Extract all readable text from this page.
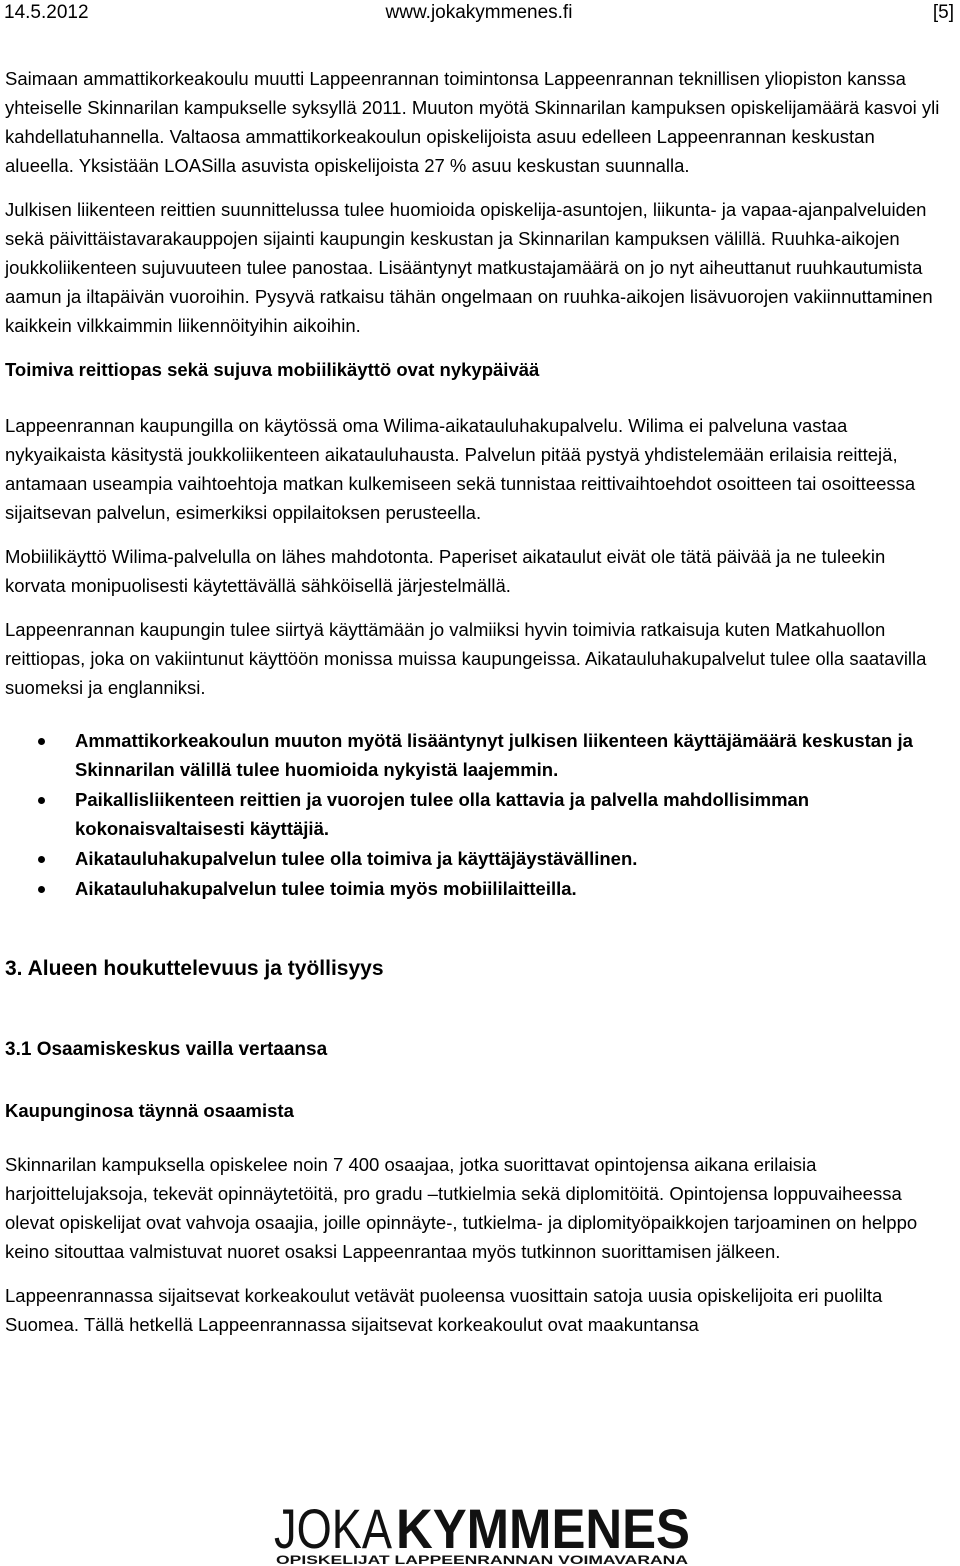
14.5.2012	www.jokakymmenes.fi	[5]

Saimaan ammattikorkeakoulu muutti Lappeenrannan toimintonsa Lappeenrannan teknillisen yliopiston kanssa yhteiselle Skinnarilan kampukselle syksyllä 2011. Muuton myötä Skinnarilan kampuksen opiskelijamäärä kasvoi yli kahdellatuhannella. Valtaosa ammattikorkeakoulun opiskelijoista asuu edelleen Lappeenrannan keskustan alueella. Yksistään LOASilla asuvista opiskelijoista 27 % asuu keskustan suunnalla.

Julkisen liikenteen reittien suunnittelussa tulee huomioida opiskelija-asuntojen, liikunta- ja vapaa-ajanpalveluiden sekä päivittäistavarakauppojen sijainti kaupungin keskustan ja Skinnarilan kampuksen välillä. Ruuhka-aikojen joukkoliikenteen sujuvuuteen tulee panostaa. Lisääntynyt matkustajamäärä on jo nyt aiheuttanut ruuhkautumista aamun ja iltapäivän vuoroihin. Pysyvä ratkaisu tähän ongelmaan on ruuhka-aikojen lisävuorojen vakiinnuttaminen kaikkein vilkkaimmin liikennöityihin aikoihin.

Toimiva reittiopas sekä sujuva mobiilikäyttö ovat nykypäivää

Lappeenrannan kaupungilla on käytössä oma Wilima-aikatauluhakupalvelu. Wilima ei palveluna vastaa nykyaikaista käsitystä joukkoliikenteen aikatauluhausta. Palvelun pitää pystyä yhdistelemään erilaisia reittejä, antamaan useampia vaihtoehtoja matkan kulkemiseen sekä tunnistaa reittivaihtoehdot osoitteen tai osoitteessa sijaitsevan palvelun, esimerkiksi oppilaitoksen perusteella.

Mobiilikäyttö Wilima-palvelulla on lähes mahdotonta. Paperiset aikataulut eivät ole tätä päivää ja ne tuleekin korvata monipuolisesti käytettävällä sähköisellä järjestelmällä.

Lappeenrannan kaupungin tulee siirtyä käyttämään jo valmiiksi hyvin toimivia ratkaisuja kuten Matkahuollon reittiopas, joka on vakiintunut käyttöön monissa muissa kaupungeissa. Aikatauluhakupalvelut tulee olla saatavilla suomeksi ja englanniksi.

Ammattikorkeakoulun muuton myötä lisääntynyt julkisen liikenteen käyttäjämäärä keskustan ja Skinnarilan välillä tulee huomioida nykyistä laajemmin.
Paikallisliikenteen reittien ja vuorojen tulee olla kattavia ja palvella mahdollisimman kokonaisvaltaisesti käyttäjiä.
Aikatauluhakupalvelun tulee olla toimiva ja käyttäjäystävällinen.
Aikatauluhakupalvelun tulee toimia myös mobiililaitteilla.
3. Alueen houkuttelevuus ja työllisyys
3.1 Osaamiskeskus vailla vertaansa
Kaupunginosa täynnä osaamista

Skinnarilan kampuksella opiskelee noin 7 400 osaajaa, jotka suorittavat opintojensa aikana erilaisia harjoittelujaksoja, tekevät opinnäytetöitä, pro gradu –tutkielmia sekä diplomitöitä. Opintojensa loppuvaiheessa olevat opiskelijat ovat vahvoja osaajia, joille opinnäyte-, tutkielma- ja diplomityöpaikkojen tarjoaminen on helppo keino sitouttaa valmistuvat nuoret osaksi Lappeenrantaa myös tutkinnon suorittamisen jälkeen.

Lappeenrannassa sijaitsevat korkeakoulut vetävät puoleensa vuosittain satoja uusia opiskelijoita eri puolilta Suomea. Tällä hetkellä Lappeenrannassa sijaitsevat korkeakoulut ovat maakuntansa

JOKA KYMMENES
OPISKELIJAT LAPPEENRANNAN VOIMAVARANA
